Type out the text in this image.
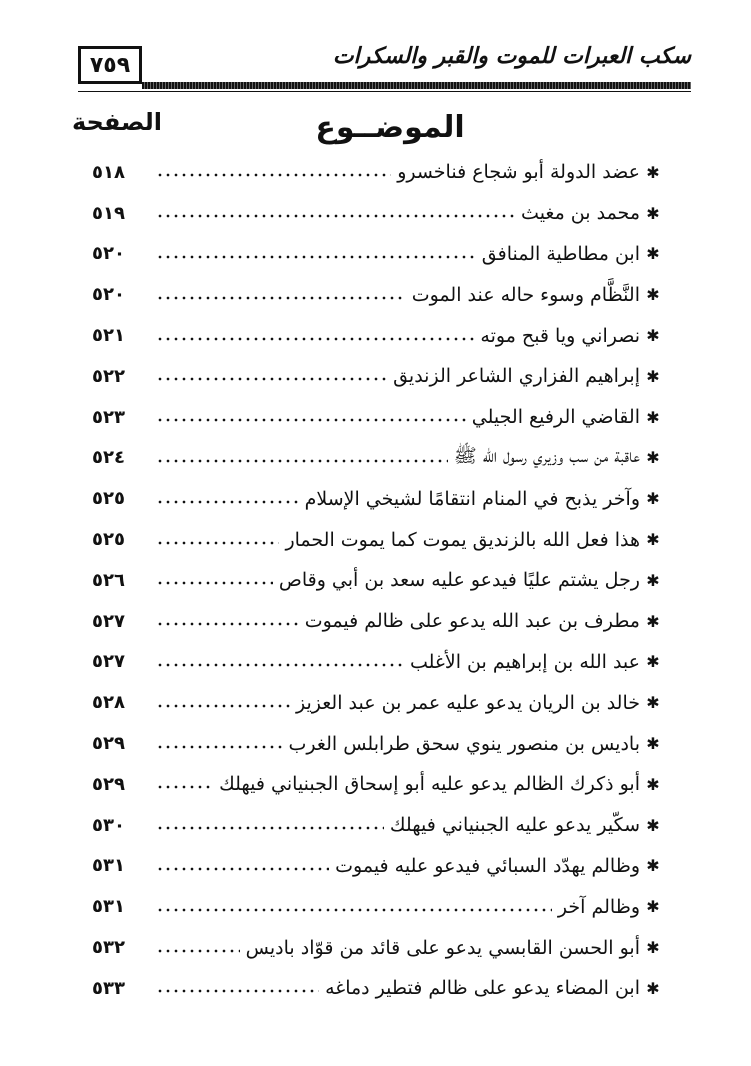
٧٥٩	سكب العبرات للموت والقبر والسكرات
الموضــوع
الصفحة
✱
عضد الدولة أبو شجاع فناخسرو
٥١٨
✱
محمد بن مغيث
٥١٩
✱
ابن مطاطية المنافق
٥٢٠
✱
النَّظَّام وسوء حاله عند الموت
٥٢٠
✱
نصراني ويا قبح موته
٥٢١
✱
إبراهيم الفزاري الشاعر الزنديق
٥٢٢
✱
القاضي الرفيع الجيلي
٥٢٣
✱
عاقبة من سب وزيري رسول الله ﷺ
٥٢٤
✱
وآخر يذبح في المنام انتقامًا لشيخي الإسلام
٥٢٥
✱
هذا فعل الله بالزنديق يموت كما يموت الحمار
٥٢٥
✱
رجل يشتم عليًا فيدعو عليه سعد بن أبي وقاص
٥٢٦
✱
مطرف بن عبد الله يدعو على ظالم فيموت
٥٢٧
✱
عبد الله بن إبراهيم بن الأغلب
٥٢٧
✱
خالد بن الريان يدعو عليه عمر بن عبد العزيز
٥٢٨
✱
باديس بن منصور ينوي سحق طرابلس الغرب
٥٢٩
✱
أبو ذكرك الظالم يدعو عليه أبو إسحاق الجبنياني فيهلك
٥٢٩
✱
سكّير يدعو عليه الجبنياني فيهلك
٥٣٠
✱
وظالم يهدّد السبائي فيدعو عليه فيموت
٥٣١
✱
وظالم آخر
٥٣١
✱
أبو الحسن القابسي يدعو على قائد من قوّاد باديس
٥٣٢
✱
ابن المضاء يدعو على ظالم فتطير دماغه
٥٣٣
